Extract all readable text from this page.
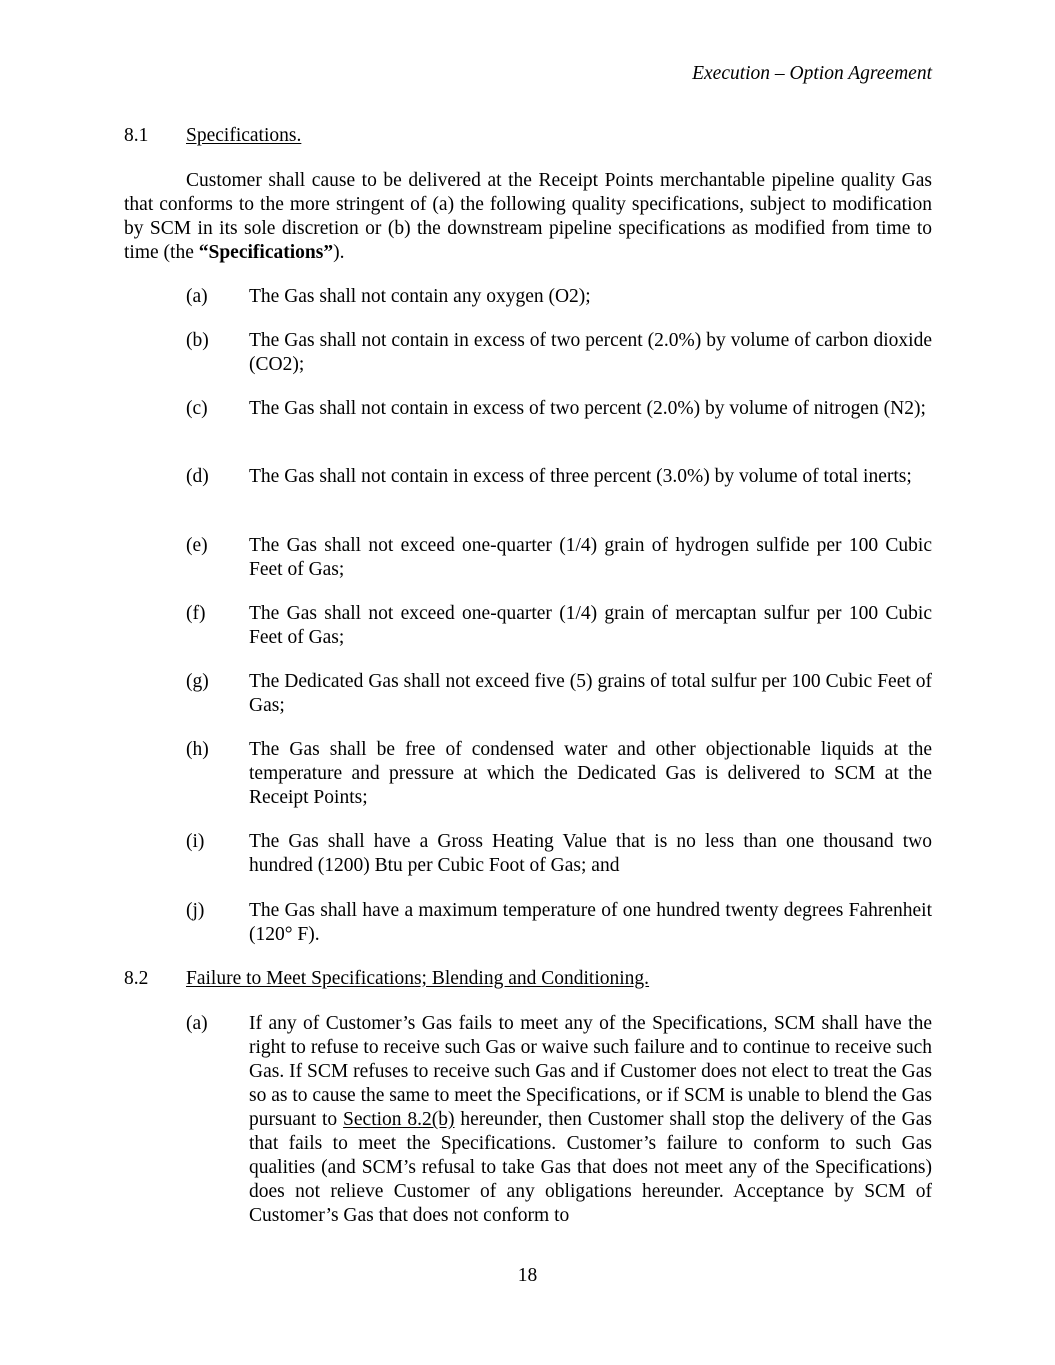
Execution – Option Agreement
8.1 Specifications.
Customer shall cause to be delivered at the Receipt Points merchantable pipeline quality Gas that conforms to the more stringent of (a) the following quality specifications, subject to modification by SCM in its sole discretion or (b) the downstream pipeline specifications as modified from time to time (the “Specifications”).
(a) The Gas shall not contain any oxygen (O2);
(b) The Gas shall not contain in excess of two percent (2.0%) by volume of carbon dioxide (CO2);
(c) The Gas shall not contain in excess of two percent (2.0%) by volume of nitrogen (N2);
(d) The Gas shall not contain in excess of three percent (3.0%) by volume of total inerts;
(e) The Gas shall not exceed one-quarter (1/4) grain of hydrogen sulfide per 100 Cubic Feet of Gas;
(f) The Gas shall not exceed one-quarter (1/4) grain of mercaptan sulfur per 100 Cubic Feet of Gas;
(g) The Dedicated Gas shall not exceed five (5) grains of total sulfur per 100 Cubic Feet of Gas;
(h) The Gas shall be free of condensed water and other objectionable liquids at the temperature and pressure at which the Dedicated Gas is delivered to SCM at the Receipt Points;
(i) The Gas shall have a Gross Heating Value that is no less than one thousand two hundred (1200) Btu per Cubic Foot of Gas; and
(j) The Gas shall have a maximum temperature of one hundred twenty degrees Fahrenheit (120° F).
8.2 Failure to Meet Specifications; Blending and Conditioning.
(a) If any of Customer’s Gas fails to meet any of the Specifications, SCM shall have the right to refuse to receive such Gas or waive such failure and to continue to receive such Gas. If SCM refuses to receive such Gas and if Customer does not elect to treat the Gas so as to cause the same to meet the Specifications, or if SCM is unable to blend the Gas pursuant to Section 8.2(b) hereunder, then Customer shall stop the delivery of the Gas that fails to meet the Specifications. Customer’s failure to conform to such Gas qualities (and SCM’s refusal to take Gas that does not meet any of the Specifications) does not relieve Customer of any obligations hereunder. Acceptance by SCM of Customer’s Gas that does not conform to
18
